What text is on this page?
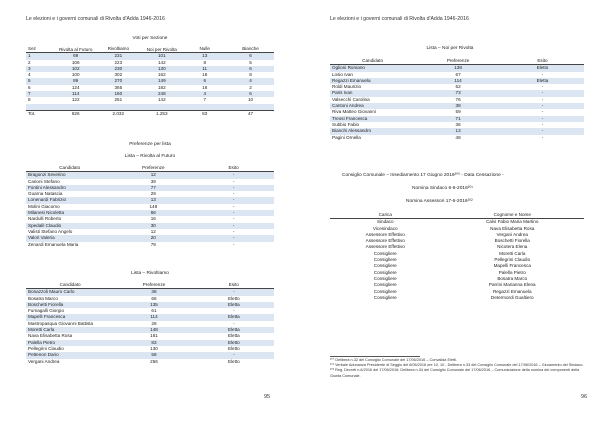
Le elezioni e i governi comunali di Rivolta d'Adda 1946-2016
Voti per Sezione
Sez	Rivolta al Futuro	Rivoltiamo	Noi per Rivolta	Nulle	Bianche
1	69	231	101	13	6
2	106	223	142	8	5
3	102	230	130	11	6
4	100	302	162	18	8
5	89	270	149	6	4
6	124	365	182	16	2
7	114	160	248	4	6
8	122	251	142	7	10

Tot.	826	2.032	1.253	83	47
Preferenze per lista
Lista – Rivolta al Futuro
Candidato	Preferenze	Esito
Bragonzi Severino	12	-
Carioni Stefano	39	-
Fontini Alessandro	77	-
Guarna Natascia	29	-
Lonenardi Fabrizio	13	-
Molini Giacomo	148	-
Milanesi Nicoletta	66	-
Nardulli Roberto	16	-
Spedalil Claudio	30	-
Valisti Stefano Angelo	12	-
Valori Valeria	20	-
Zenardi Emanuela Maria	79	-
Lista – Rivoltiamo
Candidato	Preferenze	Esito
Bonazzoli Mauro Carlo	38	-
Bosatra Marco	66	Eletto
Boschetti Fiorella	135	Eletta
Fumagalli Giorgio	61	-
Mapelli Francesca	114	Eletta
Mastropasqua Giovanni Battista	28	-
Moretti Carla	148	Eletta
Nava Elisabetta Rosa	161	Eletta
Palella Pietro	83	Eletto
Pellegrini Claudio	130	Eletto
Pettenon Dario	58	-
Vergani Andrea	256	Eletto
95
Le elezioni e i governi comunali di Rivolta d'Adda 1946-2016
Lista – Noi per Rivolta
Candidato	Preferenze	Esito
Oglioni Romano	138	Eletto
Losio Ivan	67	-
Regazzi Emanuela	114	Eletta
Roldi Maurizio	52	-
Paris Ivan	73	-
Valsecchi Carolina	76	-
Cantoni Andrea	38	-
Riva Matteo Giovanni	59	-
Treosi Francesca	71	-
Subbio Fabio	36	-
Bianchi Alessandro	13	-
Pagini Ornella	48	-
Consiglio Comunale – Insediamento 17 Giugno 2016²⁰⁰ - Data Cessazione -
Nomina Sindaco 6-6-2016²⁰¹
Nomina Assessori 17-6-2016²⁰²
Carica	Cognome e Nome
Sindaco	Calvi Fabio Maria Martino
Vicesindaco	Nava Elisabetta Rosa
Assessore Effettivo	Vergani Andrea
Assessore Effettivo	Boschetti Fiorella
Assessore Effettivo	Nicotera Elena
Consigliere	Moretti Carla
Consigliere	Pellegrini Claudio
Consigliere	Mapelli Francesca
Consigliere	Palella Pietro
Consigliere	Bosatra Marco
Consigliere	Parrini Marianna Elena
Consigliere	Regazzi Emanuela
Consigliere	Determordi Gualtiero
²⁰⁰ Delibera n.32 del Consiglio Comunale del 17/06/2016 – Convalida Eletti.
²⁰¹ Verbale Adunanza Presidente di Seggio del 6/06/2016 ore 10, 10 - Delibera n.33 del Consiglio Comunale del 17/06/2016 – Giuramento del Sindaco.
²⁰² Reg. Decreti n.6/2016 del 17/06/2016; Delibera n.34 del Consiglio Comunale del 17/06/2016 – Comunicazione della nomina dei componenti della Giunta Comunale.
96
